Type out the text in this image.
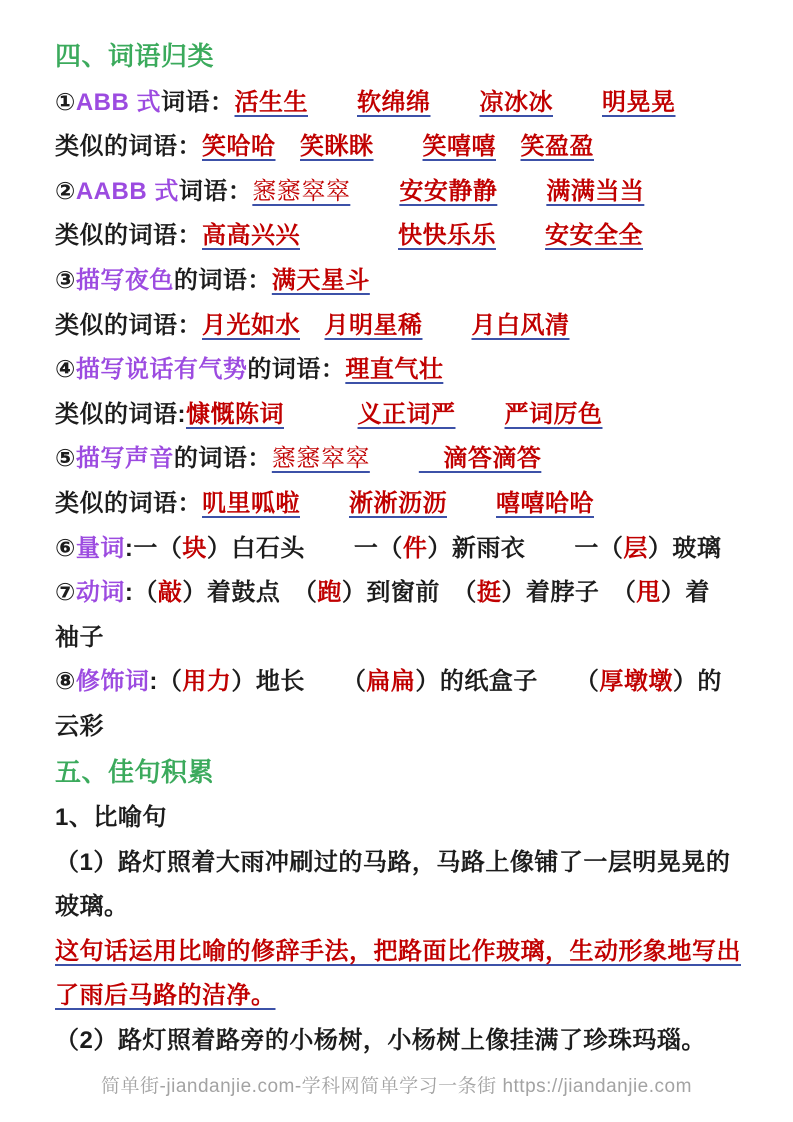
四、词语归类
①ABB 式词语：活生生　　 软绵绵　　 凉冰冰　　 明晃晃
类似的词语：笑哈哈　 笑眯眯　　 笑嘻嘻　 笑盈盈
②AABB 式词语：窸窸窣窣　　 安安静静　　 满满当当
类似的词语：高高兴兴　　　　	快快乐乐　　 安安全全
③描写夜色的词语：满天星斗
类似的词语：月光如水　 月明星稀　　 月白风清
④描写说话有气势的词语：理直气壮
类似的词语:慷慨陈词　　　	义正词严　　 严词厉色
⑤描写声音的词语：窸窸窣窣　　　滴答滴答
类似的词语：叽里呱啦　　 淅淅沥沥　　 嘻嘻哈哈
⑥量词:一（块）白石头　　 一（件）新雨衣　　 一（层）玻璃
⑦动词:（敲）着鼓点　 （跑）到窗前　 （挺）着脖子　 （甩）着
袖子
⑧修饰词:（用力）地长　　 （扁扁）的纸盒子　　 （厚墩墩）的
云彩
五、佳句积累
1、比喻句
（1）路灯照着大雨冲刷过的马路，马路上像铺了一层明晃晃的
玻璃。
这句话运用比喻的修辞手法，把路面比作玻璃，生动形象地写出
了雨后马路的洁净。
（2）路灯照着路旁的小杨树，小杨树上像挂满了珍珠玛瑙。
简单街-jiandanjie.com-学科网简单学习一条街 https://jiandanjie.com
